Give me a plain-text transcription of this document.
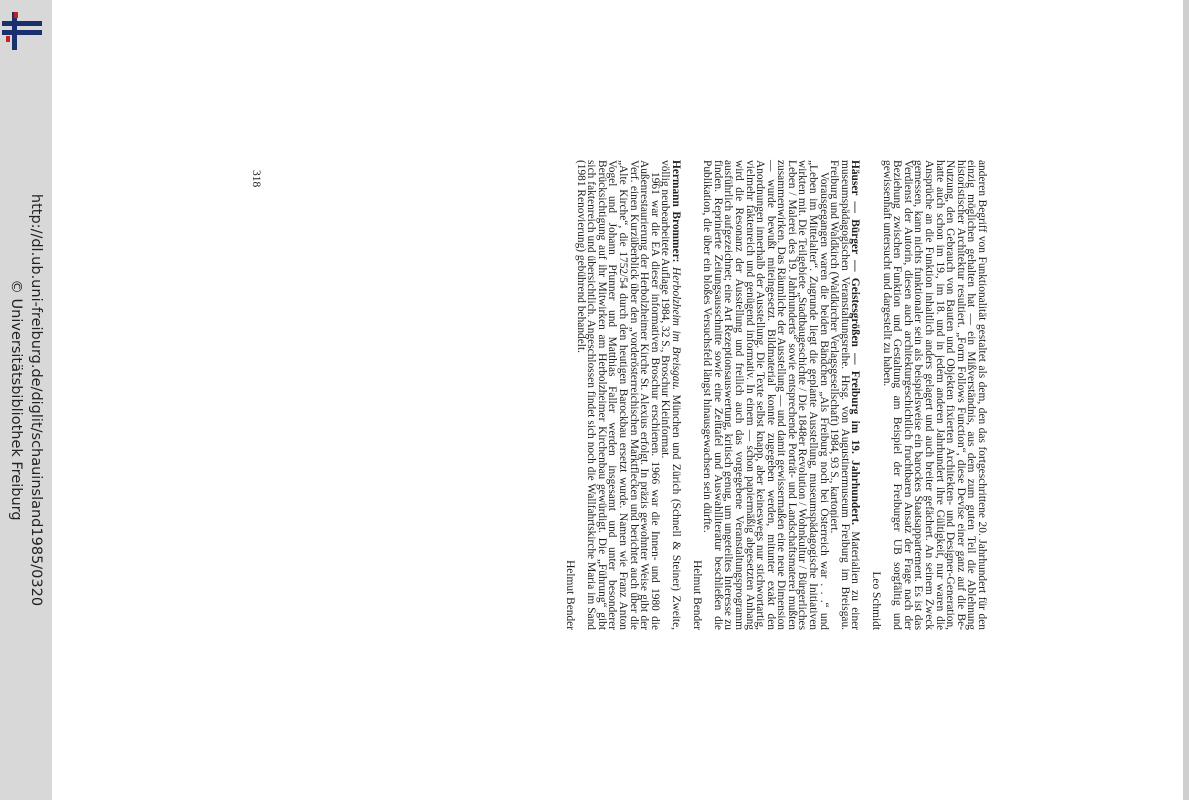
http://dl.ub.uni-freiburg.de/diglit/schauinsland1985/0320
© Universitätsbibliothek Freiburg
318	anderen Begriff von Funktionalität gestaltet als dem, den das fortgeschrittene 20. Jahrhundert für den einzig möglichen gehalten hat — ein Mißverständnis, aus dem zum guten Teil die Ablehnung historistischer Architektur resultiert. „Form Follows Function“, diese Devise einer ganz auf die Be-Nutzung, den Gebrauch von Bauten und Objekten fixierten Architekten- und Designer-Generation, hatte auch schon im 19., im 18. und in jedem anderen Jahrhundert ihre Gültigkeit, nur waren die Ansprüche an die Funktion inhaltlich anders gelagert und auch breiter gefächert. An seinem Zweck gemessen, kann nichts funktionaler sein als beispielsweise ein barockes Staatsappartement. Es ist das Verdienst der Autorin, diesen auch architekturgeschichtlich fruchtbaren Ansatz der Frage nach der Beziehung zwischen Funktion und Gestaltung am Beispiel der Freiburger UB sorgfältig und gewissenhaft untersucht und dargestellt zu haben.

Leo Schmidt

Häuser — Bürger — Geistesgrößen — Freiburg im 19. Jahrhundert. Materialien zu einer museumspädagogischen Veranstaltungsreihe. Hrsg. von Augustinermuseum Freiburg im Breisgau. Freiburg und Waldkirch (Waldkircher Verlagsgesellschaft) 1984, 93 S., kartoniert.

Vorausgegangen waren die beiden Bändchen „Als Freiburg noch bei Österreich war . . .“ und „Leben im Mittelalter“. Zugrunde liegt die geplante Ausstellung, museumspädagogische Initiativen wirkten mit. Die Teilgebiete „Stadtbaugeschichte / Die 1848er Revolution / Wohnkultur / Bürgerliches Leben / Malerei des 19. Jahrhunderts“ sowie entsprechende Porträt- und Landschaftsmaterei mußten zusammenwirken. Das Räumliche der Ausstellung — und damit gewissermaßen eine neue Dimension — wurde bewußt miteingesetzt. Bildmaterial konnte zugegeben werden, mitunter exakt den Anordnungen innerhalb der Ausstellung. Die Texte selbst knapp, aber keineswegs nur stichwortartig, vielmehr faktenreich und genügend informativ. In einem — schon papiermäßig abgesetzten Anhang wird die Resonanz der Ausstellung und freilich auch das vorgegebene Veranstaltungsprogramm ausführlich aufgezeichnet; eine Art Rezeptionsauswertung, kritisch genug, um ungeteiltes Interesse zu finden. Reprinierte Zeitungsausschnitte sowie eine Zeittafel und Auswahlliteratur beschließen die Publikation, die über ein bloßes Versuchsfeld längst hinausgewachsen sein dürfte.

Helmut Bender

Hermann Brommer: Herbolzheim im Breisgau. München und Zürich (Schnell & Steiner) Zweite, völlig neubearbeitete Auflage 1984, 32 S., Broschur Kleinformat.

1961 war die EA dieser informativen Broschur erschienen. 1966 war die Innen- und 1980 die Außenrestaurierung der Herbolzheimer Kirche St. Alexius erfolgt. In präzis gewohnter Weise gibt der Verf. einen Kurzüberblick über den „vorderösterreichischen Marktflecken und berichtet auch über die „Alte Kirche“, die 1752/54 durch den heutigen Barockbau ersetzt wurde. Namen wie Franz Anton Vogel und Johann Pfunner und Matthias Faller werden insgesamt und unter besonderer Berücksichtigung auf ihr Mitwirken am Herbolzheimer Kirchenbau gewürdigt. Die „Führung“ gibt sich faktenreich und übersichtlich. Angeschlossen findet sich noch die Wallfahrtskirche Maria im Sand (1981 Renovierung) gebührend behandelt.

Helmut Bender
